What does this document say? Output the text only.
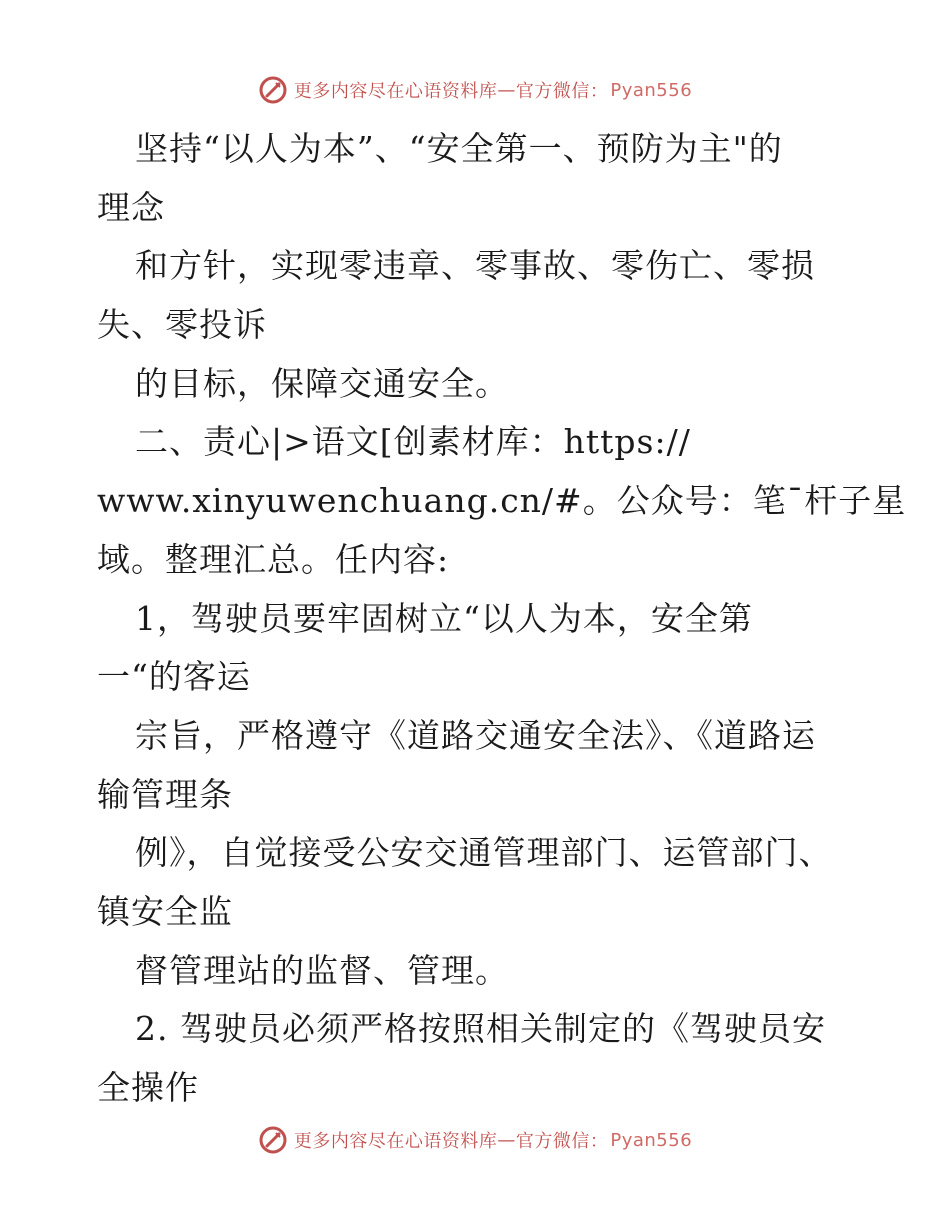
更多内容尽在心语资料库 — 官方微信： Pyan556
坚持“以人为本”、“安全第一、预防为主"的
理念
和方针，实现零违章、零事故、零伤亡、零损
失、零投诉
的目标，保障交通安全。
二、责心|>语文[创素材库：https://
www.xinyuwenchuang.cn/#。公众号：笔¯杆子星
域。整理汇总。任内容:
1，驾驶员要牢固树立“以人为本，安全第
一“的客运
宗旨，严格遵守《道路交通安全法》、《道路运
输管理条
例》，自觉接受公安交通管理部门、运管部门、
镇安全监
督管理站的监督、管理。
2. 驾驶员必须严格按照相关制定的《驾驶员安
全操作
更多内容尽在心语资料库 — 官方微信： Pyan556
